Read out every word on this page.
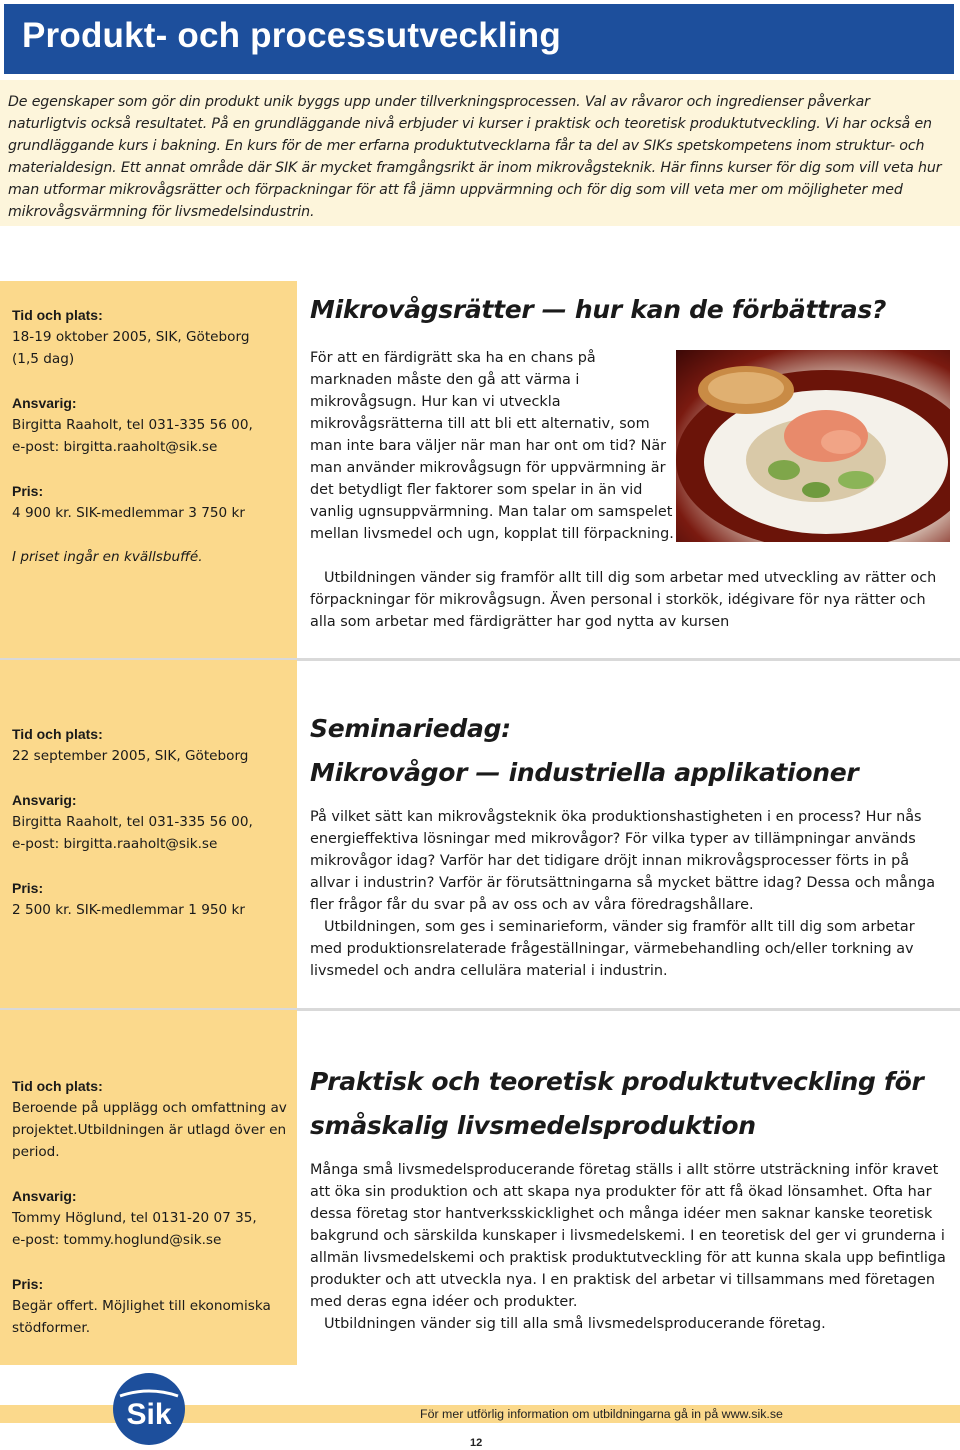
Produkt- och processutveckling

De egenskaper som gör din produkt unik byggs upp under tillverkningsprocessen. Val av råvaror och ingredienser påverkar naturligtvis också resultatet. På en grundläggande nivå erbjuder vi kurser i praktisk och teoretisk produktutveckling. Vi har också en grundläggande kurs i bakning. En kurs för de mer erfarna produktutvecklarna får ta del av SIKs spetskompetens inom struktur- och materialdesign. Ett annat område där SIK är mycket framgångsrikt är inom mikrovågsteknik. Här finns kurser för dig som vill veta hur man utformar mikrovågsrätter och förpackningar för att få jämn uppvärmning och för dig som vill veta mer om möjligheter med mikrovågsvärmning för livsmedelsindustrin.

Tid och plats:

18-19 oktober 2005, SIK, Göteborg
(1,5 dag)

Ansvarig:

Birgitta Raaholt, tel 031-335 56 00,
e-post: birgitta.raaholt@sik.se

Pris:

4 900 kr. SIK-medlemmar 3 750 kr

I priset ingår en kvällsbuffé.

Mikrovågsrätter — hur kan de förbättras?

För att en färdigrätt ska ha en chans på marknaden måste den gå att värma i mikrovågsugn. Hur kan vi utveckla mikrovågsrätterna till att bli ett alternativ, som man inte bara väljer när man har ont om tid? När man använder mikrovågsugn för uppvärmning är det betydligt fler faktorer som spelar in än vid vanlig ugnsuppvärmning. Man talar om samspelet mellan livsmedel och ugn, kopplat till förpackning.

Utbildningen vänder sig framför allt till dig som arbetar med utveckling av rätter och förpackningar för mikrovågsugn. Även personal i storkök, idégivare för nya rätter och alla som arbetar med färdigrätter har god nytta av kursen

Tid och plats:

22 september 2005, SIK, Göteborg

Ansvarig:

Birgitta Raaholt, tel 031-335 56 00,
e-post: birgitta.raaholt@sik.se

Pris:

2 500 kr. SIK-medlemmar 1 950 kr

Seminariedag:
Mikrovågor — industriella applikationer

På vilket sätt kan mikrovågsteknik öka produktionshastigheten i en process? Hur nås energieffektiva lösningar med mikrovågor? För vilka typer av tillämpningar används mikrovågor idag? Varför har det tidigare dröjt innan mikrovågsprocesser förts in på allvar i industrin? Varför är förutsättningarna så mycket bättre idag? Dessa och många fler frågor får du svar på av oss och av våra föredragshållare.

Utbildningen, som ges i seminarieform, vänder sig framför allt till dig som arbetar med produktionsrelaterade frågeställningar, värmebehandling och/eller torkning av livsmedel och andra cellulära material i industrin.

Tid och plats:

Beroende på upplägg och omfattning av projektet.Utbildningen är utlagd över en period.

Ansvarig:

Tommy Höglund, tel 0131-20 07 35,
e-post: tommy.hoglund@sik.se

Pris:

Begär offert. Möjlighet till ekonomiska stödformer.

Praktisk och teoretisk produktutveckling för
småskalig livsmedelsproduktion

Många små livsmedelsproducerande företag ställs i allt större utsträckning inför kravet att öka sin produktion och att skapa nya produkter för att få ökad lönsamhet. Ofta har dessa företag stor hantverksskicklighet och många idéer men saknar kanske teoretisk bakgrund och särskilda kunskaper i livsmedelskemi. I en teoretisk del ger vi grunderna i allmän livsmedelskemi och praktisk produktutveckling för att kunna skala upp befintliga produkter och att utveckla nya. I en praktisk del arbetar vi tillsammans med företagen med deras egna idéer och produkter.

Utbildningen vänder sig till alla små livsmedelsproducerande företag.

Sik	För mer utförlig information om utbildningarna gå in på www.sik.se

12
